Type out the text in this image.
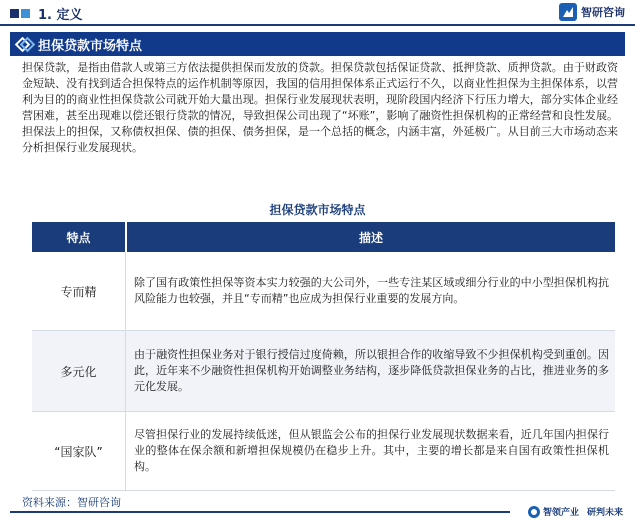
1. 定义	智研咨询
担保贷款市场特点

担保贷款，是指由借款人或第三方依法提供担保而发放的贷款。担保贷款包括保证贷款、抵押贷款、质押贷款。由于财政资金短缺、没有找到适合担保特点的运作机制等原因，我国的信用担保体系正式运行不久，以商业性担保为主担保体系，以营利为目的的商业性担保贷款公司就开始大量出现。担保行业发展现状表明，现阶段国内经济下行压力增大，部分实体企业经营困难，甚至出现难以偿还银行贷款的情况，导致担保公司出现了“坏账”，影响了融资性担保机构的正常经营和良性发展。担保法上的担保，又称债权担保、债的担保、债务担保，是一个总括的概念，内涵丰富，外延极广。从目前三大市场动态来分析担保行业发展现状。

担保贷款市场特点
特点	描述
专而精
除了国有政策性担保等资本实力较强的大公司外，一些专注某区域或细分行业的中小型担保机构抗风险能力也较强，并且“专而精”也应成为担保行业重要的发展方向。
多元化
由于融资性担保业务对于银行授信过度倚赖，所以银担合作的收缩导致不少担保机构受到重创。因此，近年来不少融资性担保机构开始调整业务结构，逐步降低贷款担保业务的占比，推进业务的多元化发展。
“国家队”
尽管担保行业的发展持续低迷，但从银监会公布的担保行业发展现状数据来看，近几年国内担保行业的整体在保余额和新增担保规模仍在稳步上升。其中，主要的增长都是来自国有政策性担保机构。
资料来源：智研咨询
智领产业 研判未来
